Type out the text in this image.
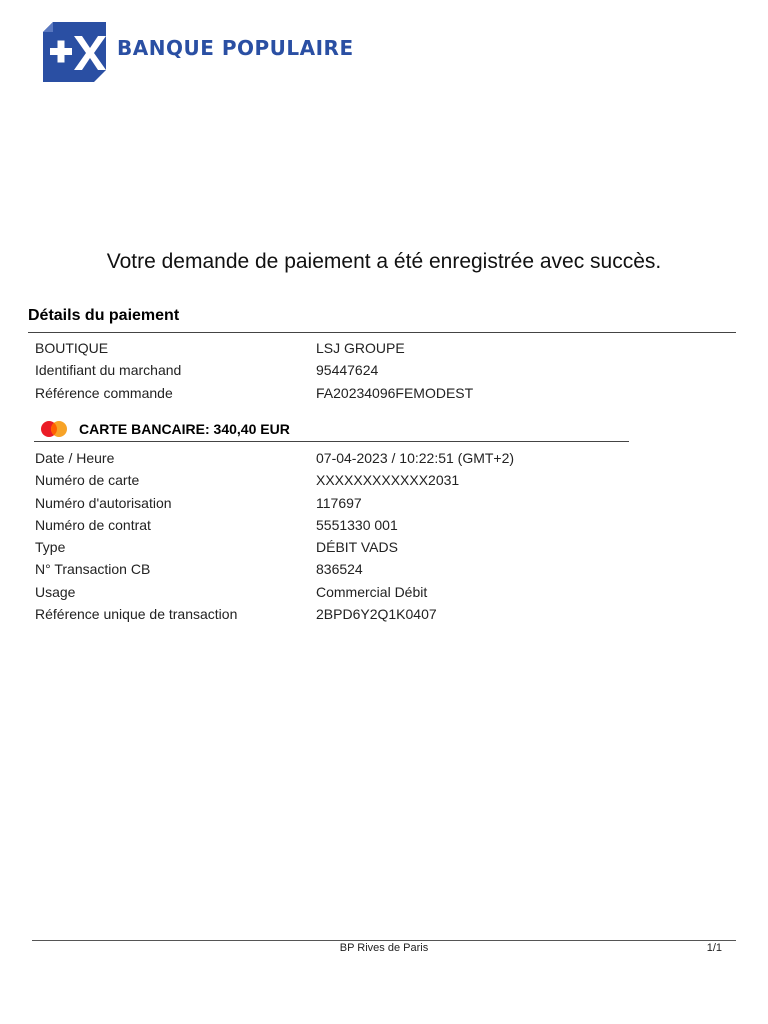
BANQUE POPULAIRE
Votre demande de paiement a été enregistrée avec succès.
Détails du paiement
BOUTIQUE	LSJ GROUPE
Identifiant du marchand	95447624
Référence commande	FA20234096FEMODEST
CARTE BANCAIRE: 340,40 EUR
Date / Heure	07-04-2023 / 10:22:51 (GMT+2)
Numéro de carte	XXXXXXXXXXXX2031
Numéro d'autorisation	117697
Numéro de contrat	5551330 001
Type	DÉBIT VADS
N° Transaction CB	836524
Usage	Commercial Débit
Référence unique de transaction	2BPD6Y2Q1K0407
BP Rives de Paris	1/1
